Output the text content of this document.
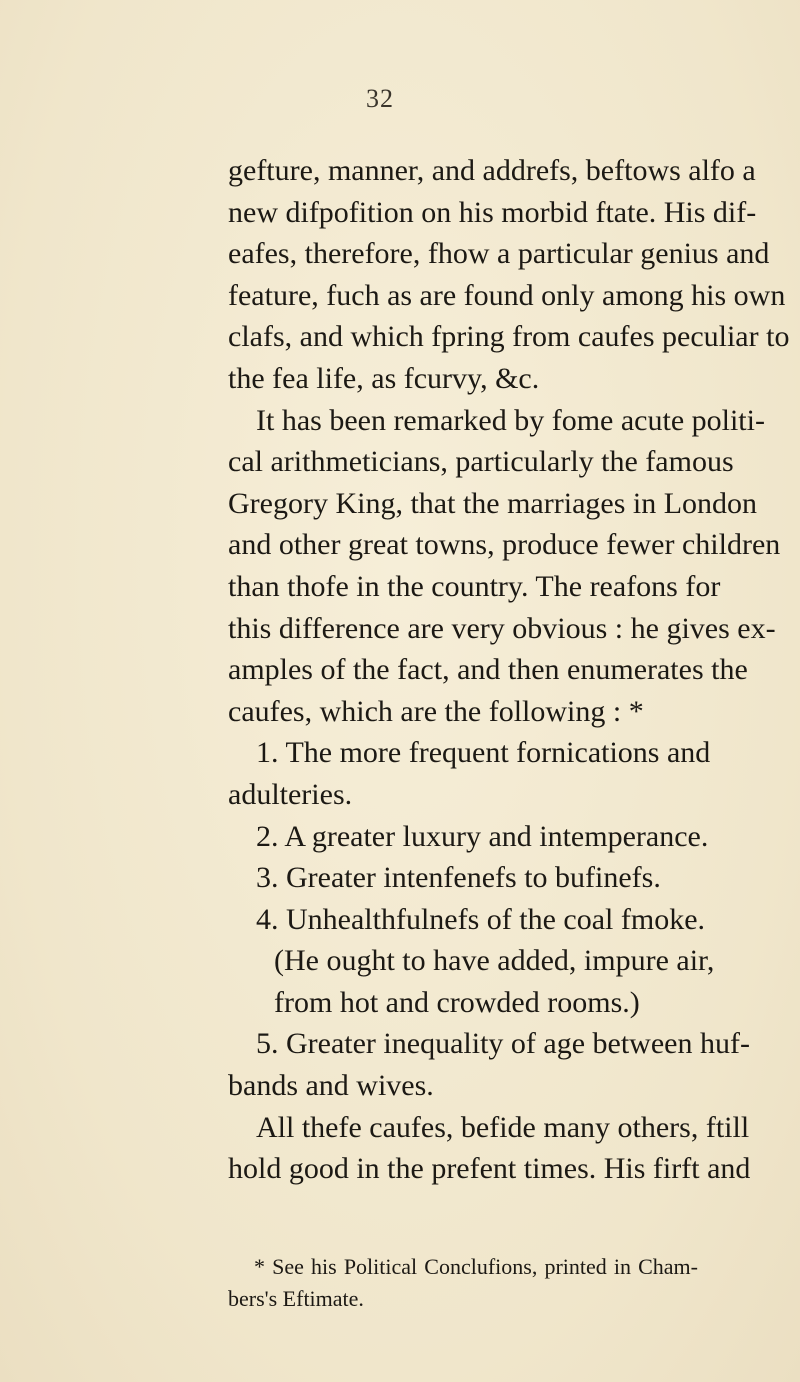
32
gefture, manner, and addrefs, beftows alfo a
new difpofition on his morbid ftate. His dif-
eafes, therefore, fhow a particular genius and
feature, fuch as are found only among his own
clafs, and which fpring from caufes peculiar to
the fea life, as fcurvy, &c.
It has been remarked by fome acute politi-
cal arithmeticians, particularly the famous
Gregory King, that the marriages in London
and other great towns, produce fewer children
than thofe in the country. The reafons for
this difference are very obvious : he gives ex-
amples of the fact, and then enumerates the
caufes, which are the following : *
1. The more frequent fornications and
adulteries.
2. A greater luxury and intemperance.
3. Greater intenfenefs to bufinefs.
4. Unhealthfulnefs of the coal fmoke.
(He ought to have added, impure air,
from hot and crowded rooms.)
5. Greater inequality of age between huf-
bands and wives.
All thefe caufes, befide many others, ftill
hold good in the prefent times. His firft and
* See his Political Conclufions, printed in Cham-
bers's Eftimate.
